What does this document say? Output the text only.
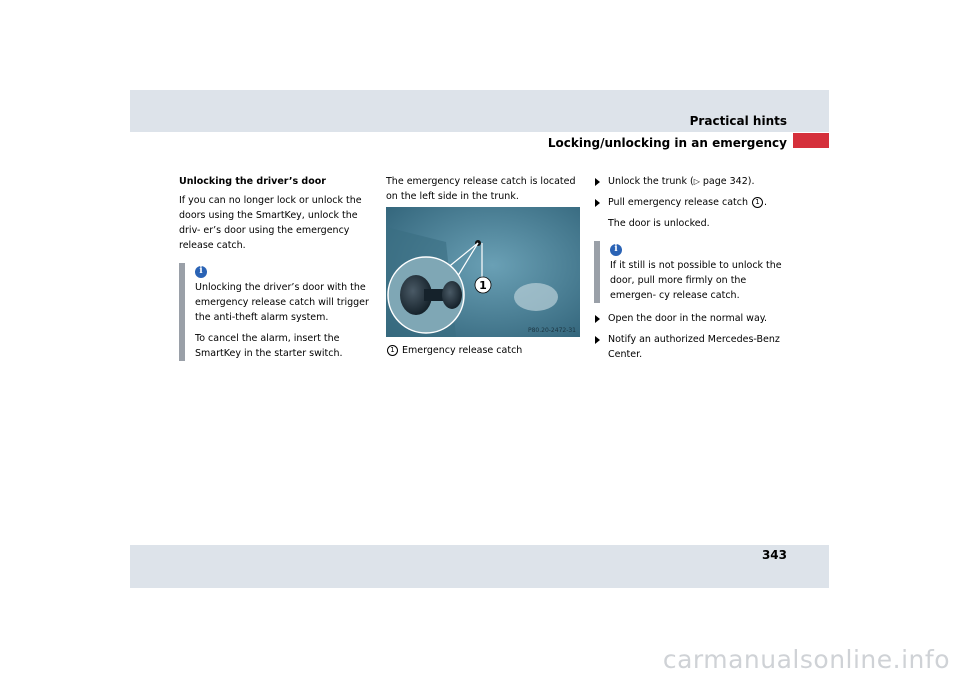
Practical hints
Locking/unlocking in an emergency

Unlocking the driver’s door

If you can no longer lock or unlock the doors using the SmartKey, unlock the driv- er’s door using the emergency release catch.

i

Unlocking the driver’s door with the emergency release catch will trigger the anti-theft alarm system.

To cancel the alarm, insert the SmartKey in the starter switch.

The emergency release catch is located on the left side in the trunk.

1
P80.20-2472-31

1 Emergency release catch

Unlock the trunk (▷ page 342).

Pull emergency release catch 1 .

The door is unlocked.

i

If it still is not possible to unlock the door, pull more firmly on the emergen- cy release catch.

Open the door in the normal way.

Notify an authorized Mercedes-Benz Center.

343
carmanualsonline.info
